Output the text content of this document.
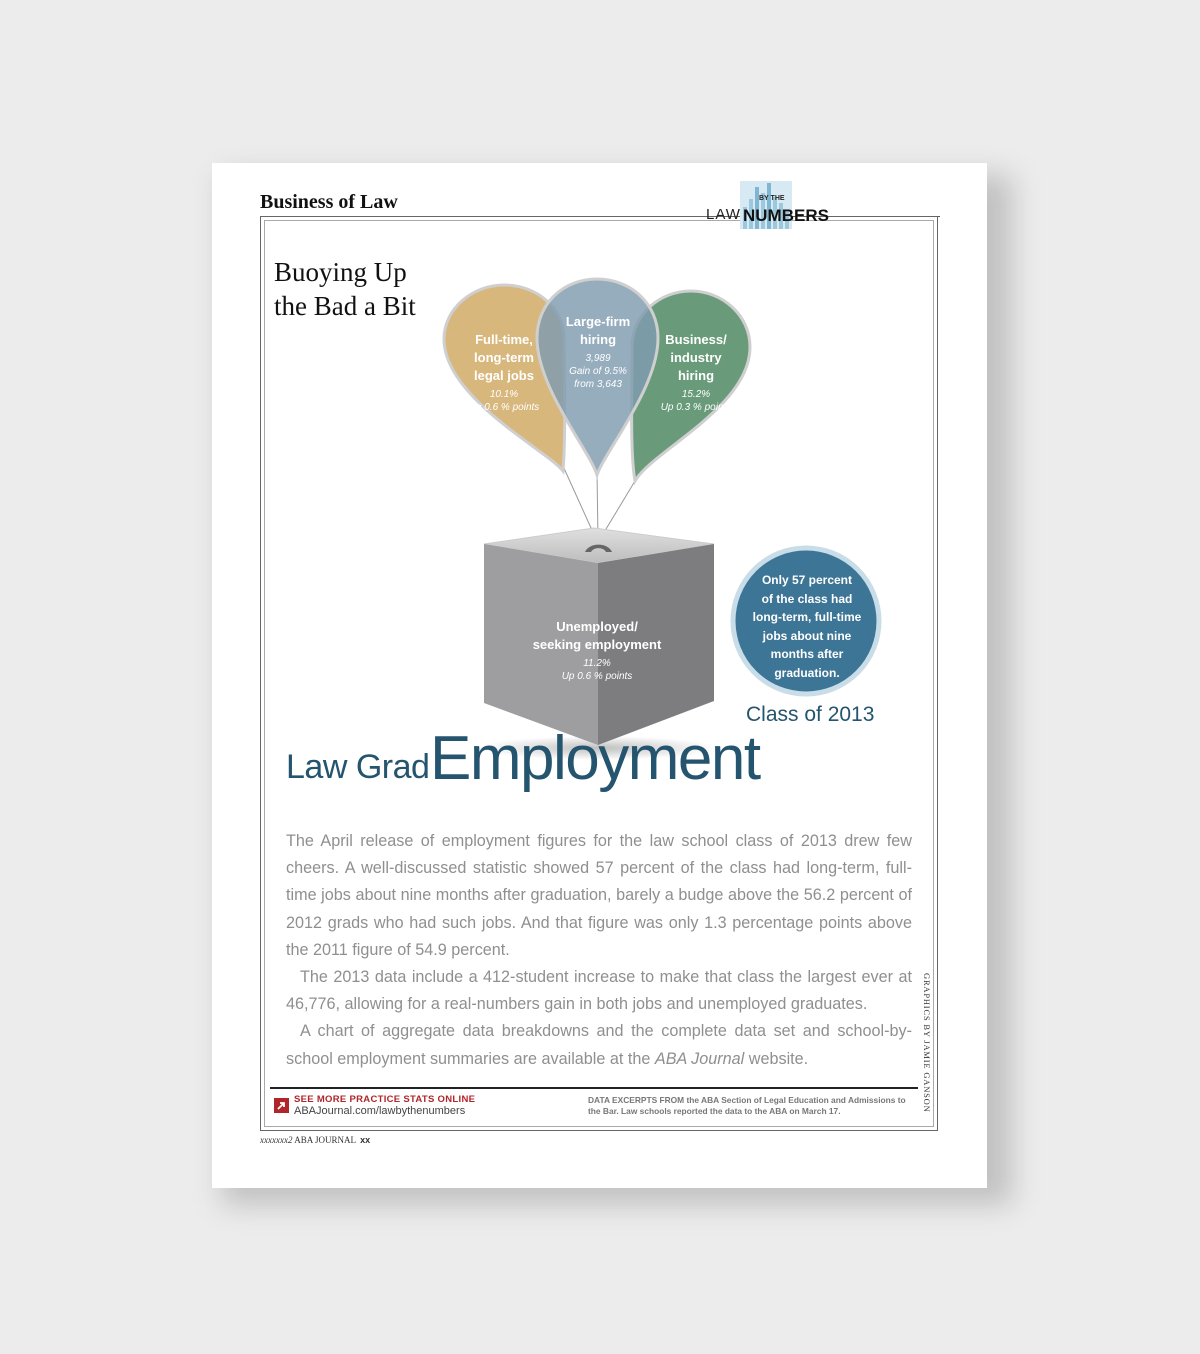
Business of Law
LAW
BY THE
NUMBERS
Buoying Up
the Bad a Bit
Full-time,
long-term
legal jobs
10.1%
Up 0.6 % points
Large-firm
hiring
3,989
Gain of 9.5%
from 3,643
Business/
industry
hiring
15.2%
Up 0.3 % points
Unemployed/
seeking employment
11.2%
Up 0.6 % points
Only 57 percent
of the class had
long-term, full-time
jobs about nine
months after
graduation.
Class of 2013
Law Grad Employment

The April release of employment figures for the law school class of 2013 drew few cheers. A well-discussed statistic showed 57 percent of the class had long-term, full-time jobs about nine months after graduation, barely a budge above the 56.2 percent of 2012 grads who had such jobs. And that figure was only 1.3 percentage points above the 2011 figure of 54.9 percent.

The 2013 data include a 412-student increase to make that class the largest ever at 46,776, allowing for a real-numbers gain in both jobs and unemployed graduates.

A chart of aggregate data breakdowns and the complete data set and school-by-school employment summaries are available at the ABA Journal website.

SEE MORE PRACTICE STATS ONLINE
ABAJournal.com/lawbythenumbers
DATA EXCERPTS FROM the ABA Section of Legal Education and Admissions to the Bar. Law schools reported the data to the ABA on March 17.
xxxxxxx2 ABA JOURNAL xx
GRAPHICS BY JAMIE GANSON
